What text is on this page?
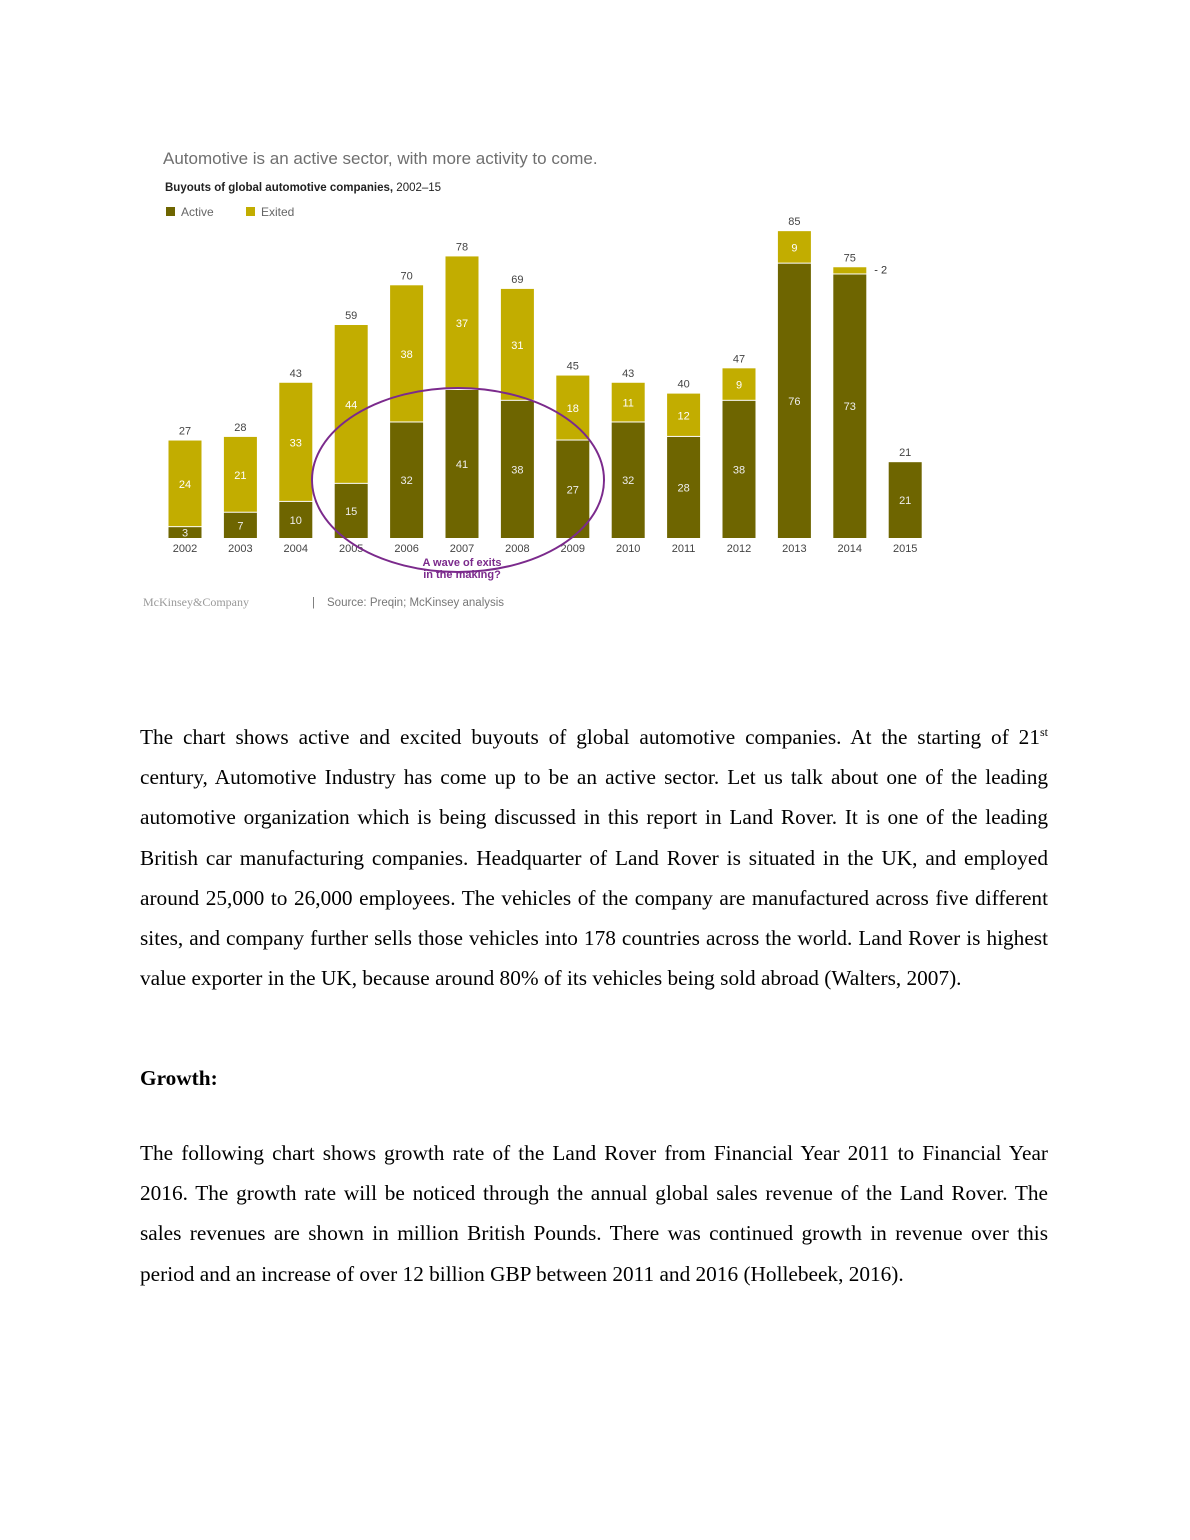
Automotive is an active sector, with more activity to come.
Buyouts of global automotive companies, 2002–15
Active	Exited
3
24
27
2002
7
21
28
2003
10
33
43
2004
15
44
59
2005
32
38
70
2006
41
37
78
2007
38
31
69
2008
27
18
45
2009
32
11
43
2010
28
12
40
2011
38
9
47
2012
76
9
85
2013
73
- 2
75
2014
21
21
2015
A wave of exits
in the making?
McKinsey&Company	| Source: Preqin; McKinsey analysis
The chart shows active and excited buyouts of global automotive companies. At the starting of 21st century, Automotive Industry has come up to be an active sector. Let us talk about one of the leading automotive organization which is being discussed in this report in Land Rover. It is one of the leading British car manufacturing companies. Headquarter of Land Rover is situated in the UK, and employed around 25,000 to 26,000 employees. The vehicles of the company are manufactured across five different sites, and company further sells those vehicles into 178 countries across the world. Land Rover is highest value exporter in the UK, because around 80% of its vehicles being sold abroad (Walters, 2007).
Growth:
The following chart shows growth rate of the Land Rover from Financial Year 2011 to Financial Year 2016. The growth rate will be noticed through the annual global sales revenue of the Land Rover. The sales revenues are shown in million British Pounds. There was continued growth in revenue over this period and an increase of over 12 billion GBP between 2011 and 2016 (Hollebeek, 2016).
